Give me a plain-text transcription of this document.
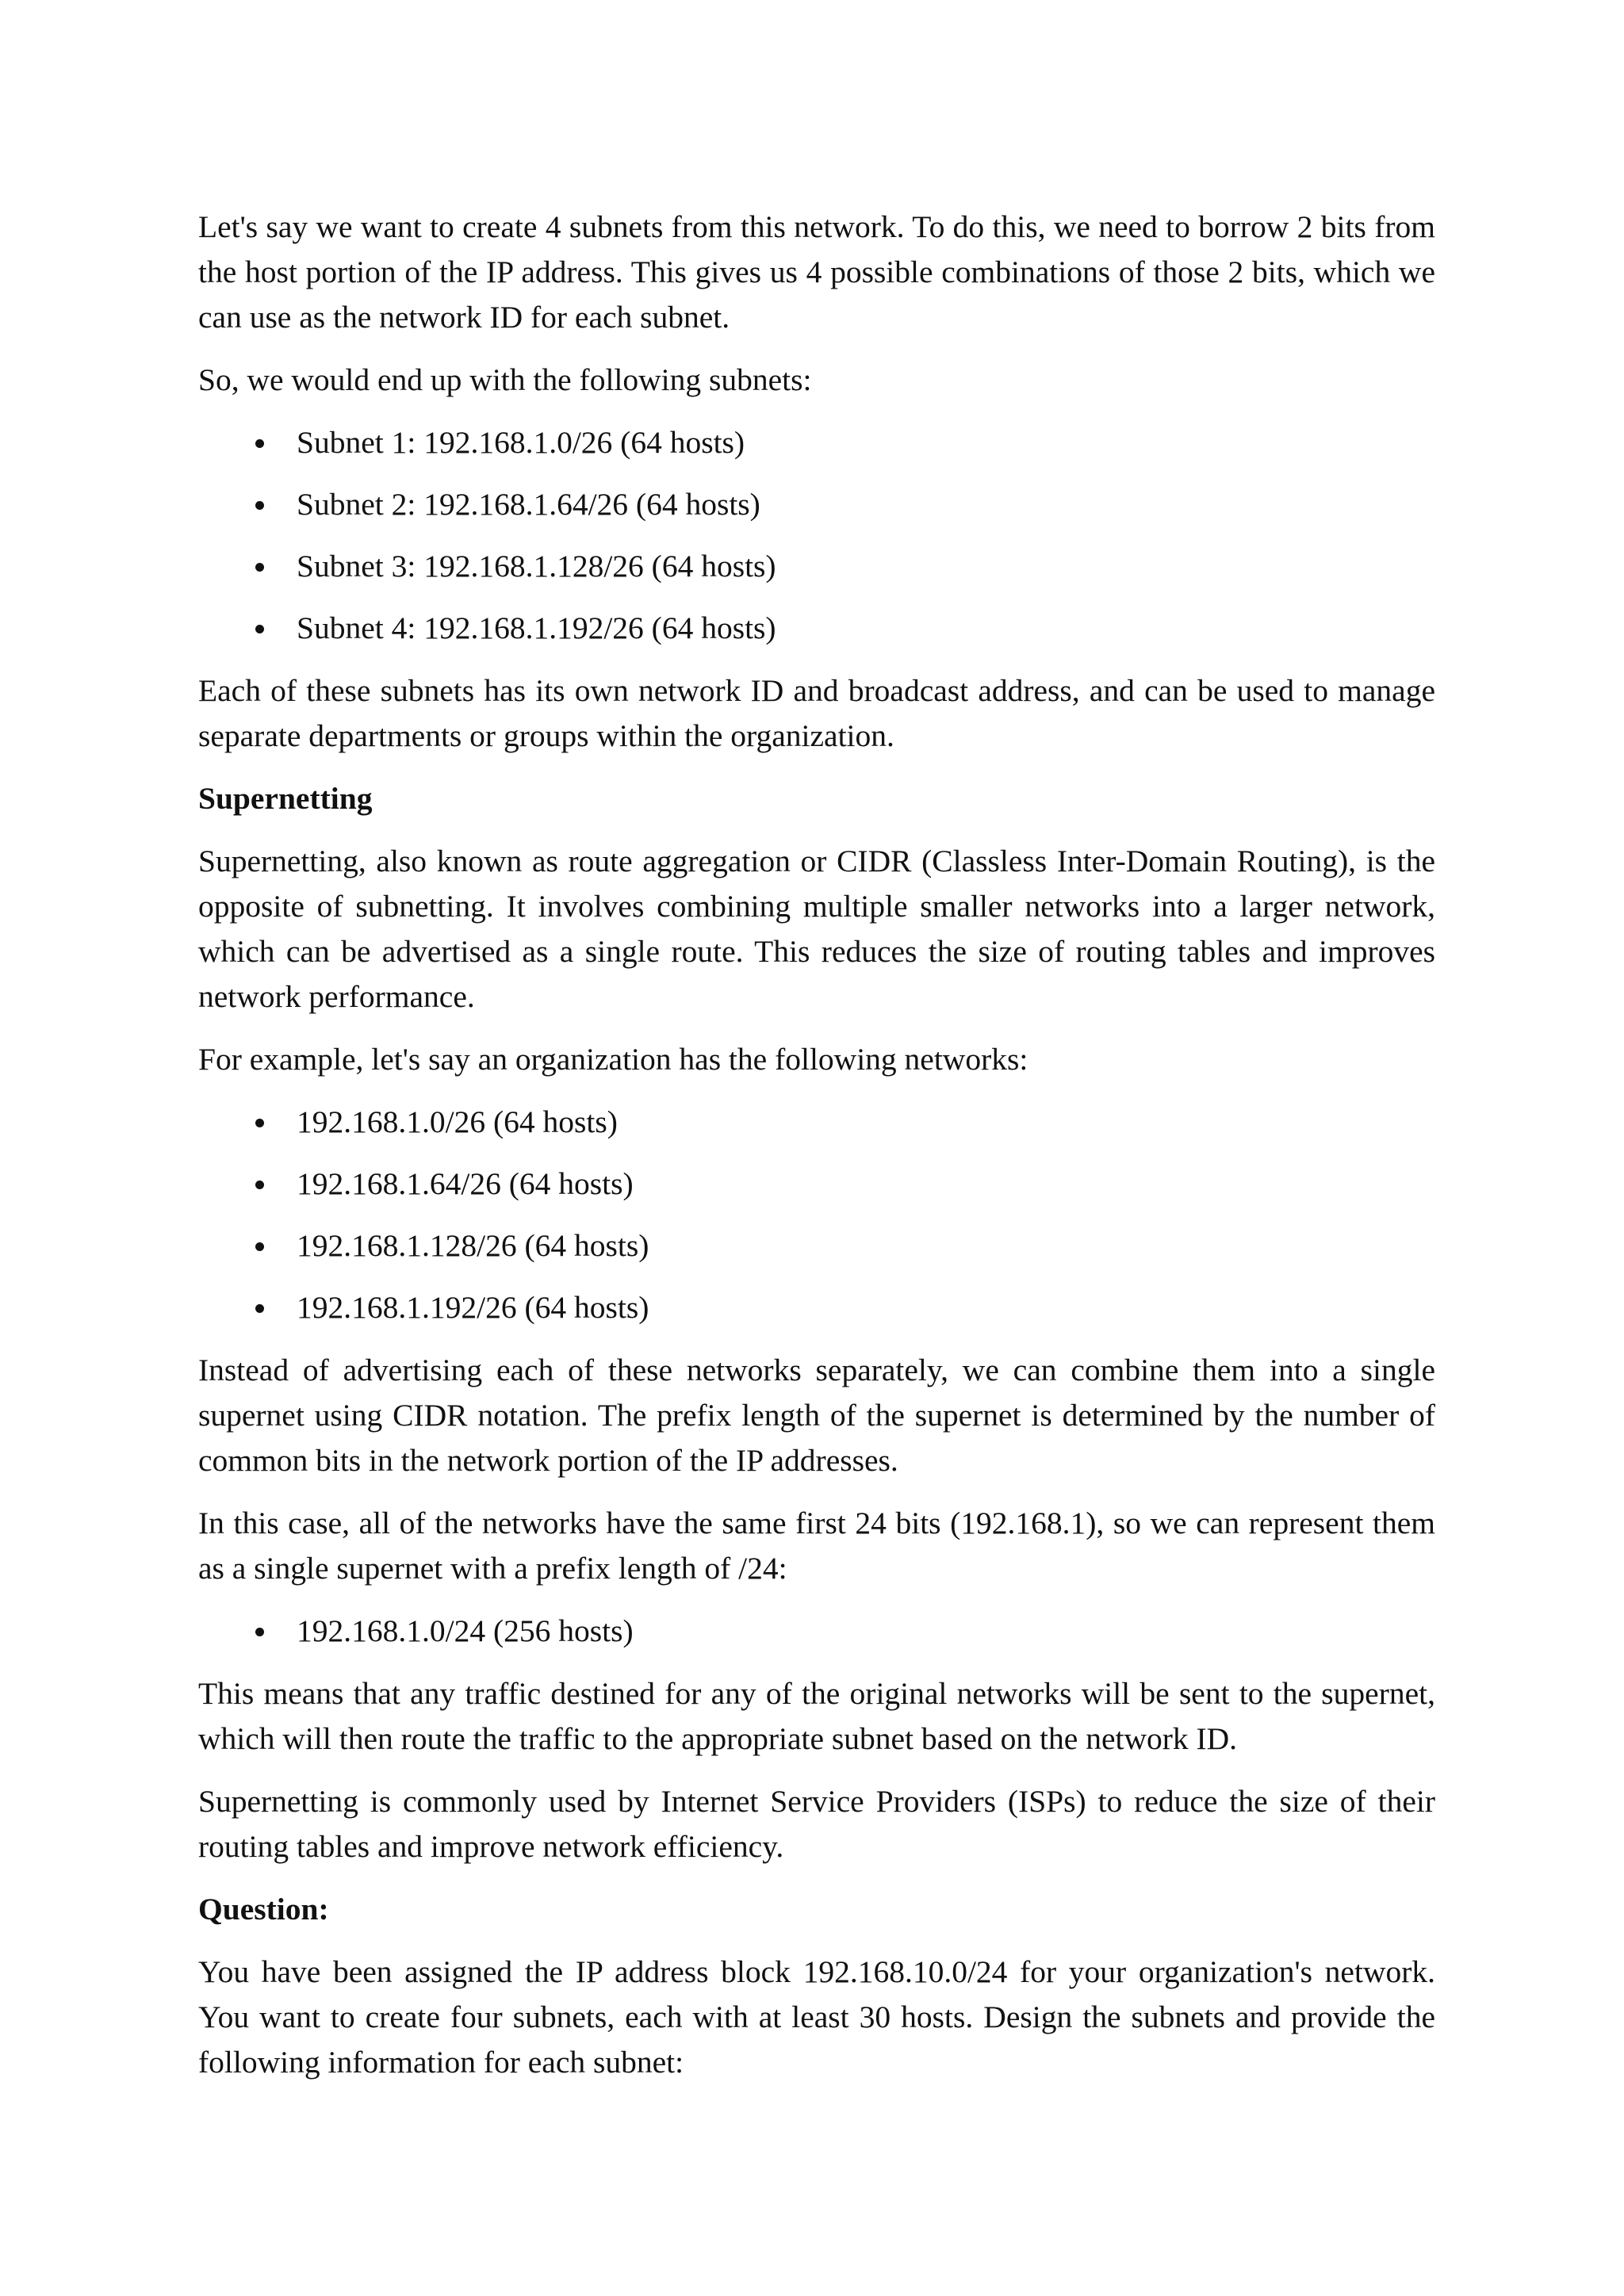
Let's say we want to create 4 subnets from this network. To do this, we need to borrow 2 bits from the host portion of the IP address. This gives us 4 possible combinations of those 2 bits, which we can use as the network ID for each subnet.

So, we would end up with the following subnets:

Subnet 1: 192.168.1.0/26 (64 hosts)
Subnet 2: 192.168.1.64/26 (64 hosts)
Subnet 3: 192.168.1.128/26 (64 hosts)
Subnet 4: 192.168.1.192/26 (64 hosts)

Each of these subnets has its own network ID and broadcast address, and can be used to manage separate departments or groups within the organization.

Supernetting

Supernetting, also known as route aggregation or CIDR (Classless Inter-Domain Routing), is the opposite of subnetting. It involves combining multiple smaller networks into a larger network, which can be advertised as a single route. This reduces the size of routing tables and improves network performance.

For example, let's say an organization has the following networks:

192.168.1.0/26 (64 hosts)
192.168.1.64/26 (64 hosts)
192.168.1.128/26 (64 hosts)
192.168.1.192/26 (64 hosts)

Instead of advertising each of these networks separately, we can combine them into a single supernet using CIDR notation. The prefix length of the supernet is determined by the number of common bits in the network portion of the IP addresses.

In this case, all of the networks have the same first 24 bits (192.168.1), so we can represent them as a single supernet with a prefix length of /24:

192.168.1.0/24 (256 hosts)

This means that any traffic destined for any of the original networks will be sent to the supernet, which will then route the traffic to the appropriate subnet based on the network ID.

Supernetting is commonly used by Internet Service Providers (ISPs) to reduce the size of their routing tables and improve network efficiency.

Question:

You have been assigned the IP address block 192.168.10.0/24 for your organization's network. You want to create four subnets, each with at least 30 hosts. Design the subnets and provide the following information for each subnet:
